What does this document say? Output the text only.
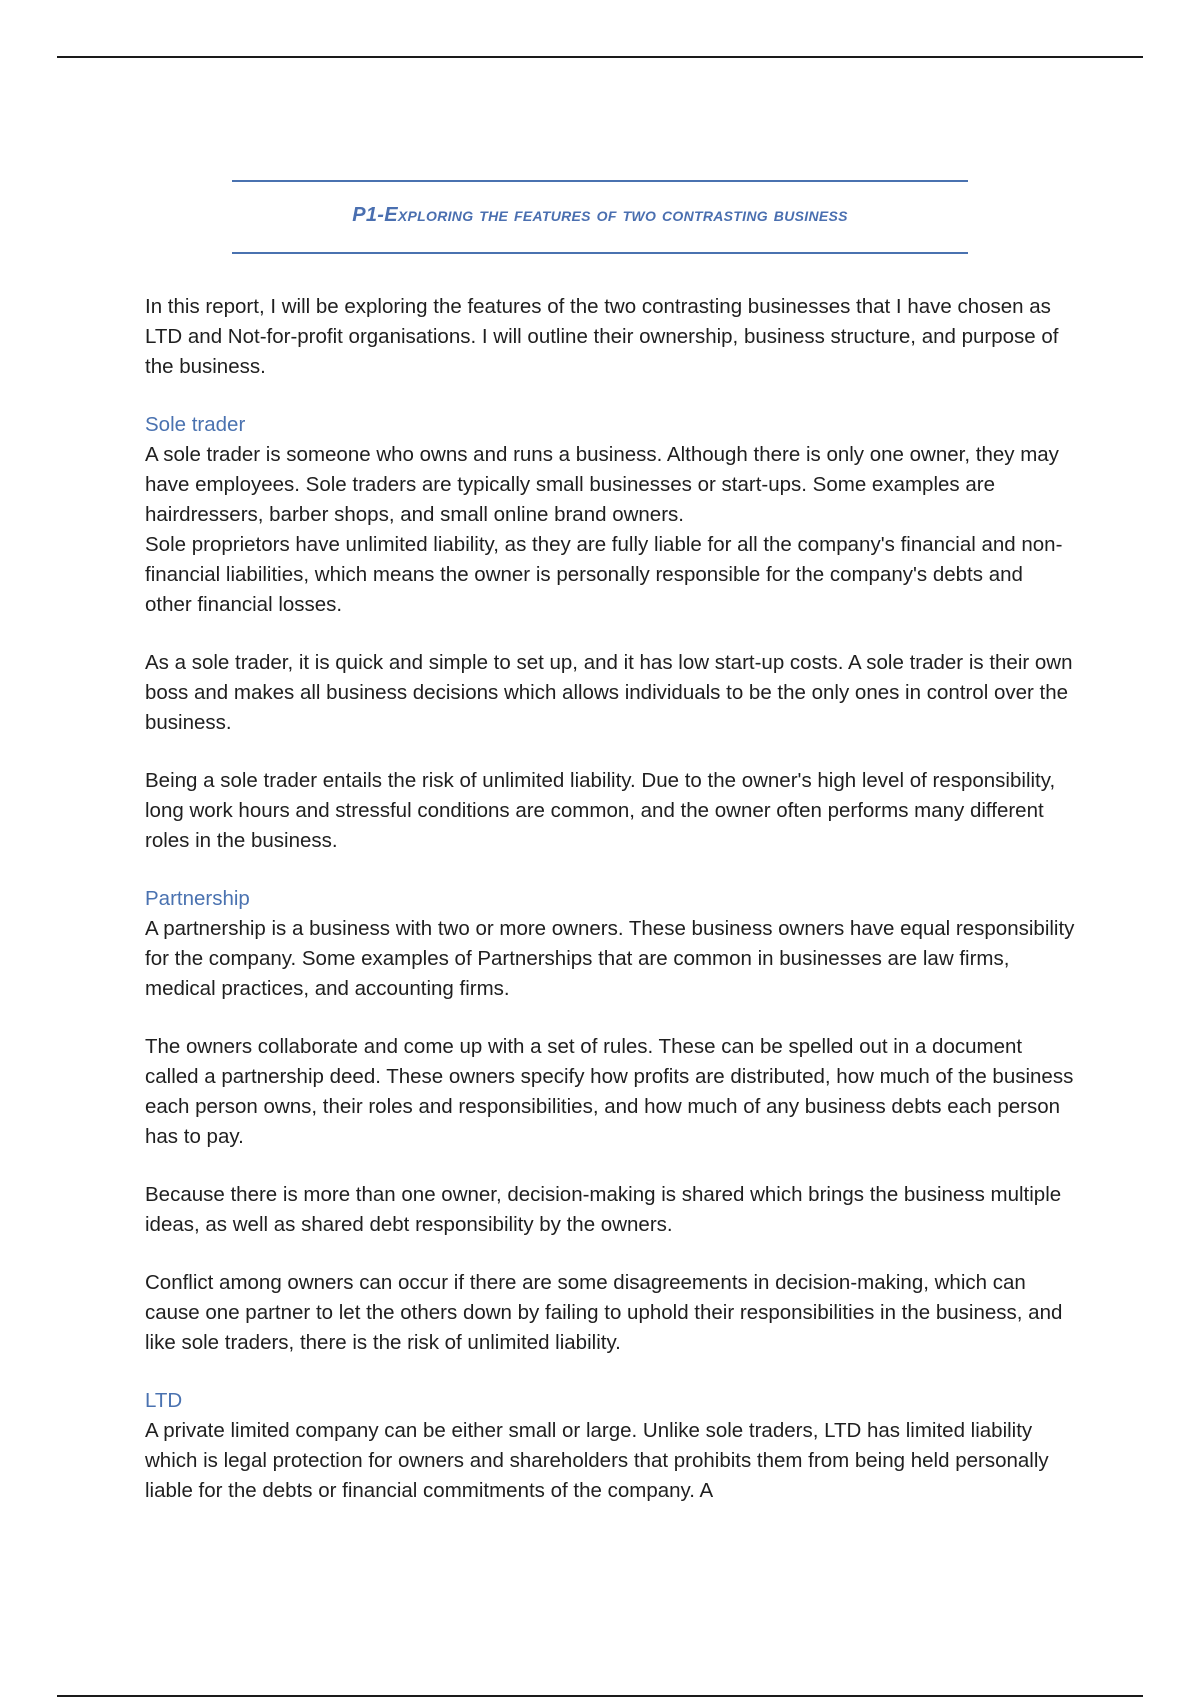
P1-Exploring the features of two contrasting business

In this report, I will be exploring the features of the two contrasting businesses that I have chosen as LTD and Not-for-profit organisations. I will outline their ownership, business structure, and purpose of the business.

Sole trader

A sole trader is someone who owns and runs a business. Although there is only one owner, they may have employees. Sole traders are typically small businesses or start-ups. Some examples are hairdressers, barber shops, and small online brand owners.

Sole proprietors have unlimited liability, as they are fully liable for all the company's financial and non-financial liabilities, which means the owner is personally responsible for the company's debts and other financial losses.

As a sole trader, it is quick and simple to set up, and it has low start-up costs. A sole trader is their own boss and makes all business decisions which allows individuals to be the only ones in control over the business.

Being a sole trader entails the risk of unlimited liability. Due to the owner's high level of responsibility, long work hours and stressful conditions are common, and the owner often performs many different roles in the business.

Partnership

A partnership is a business with two or more owners. These business owners have equal responsibility for the company. Some examples of Partnerships that are common in businesses are law firms, medical practices, and accounting firms.

The owners collaborate and come up with a set of rules. These can be spelled out in a document called a partnership deed. These owners specify how profits are distributed, how much of the business each person owns, their roles and responsibilities, and how much of any business debts each person has to pay.

Because there is more than one owner, decision-making is shared which brings the business multiple ideas, as well as shared debt responsibility by the owners.

Conflict among owners can occur if there are some disagreements in decision-making, which can cause one partner to let the others down by failing to uphold their responsibilities in the business, and like sole traders, there is the risk of unlimited liability.

LTD

A private limited company can be either small or large. Unlike sole traders, LTD has limited liability which is legal protection for owners and shareholders that prohibits them from being held personally liable for the debts or financial commitments of the company. A
